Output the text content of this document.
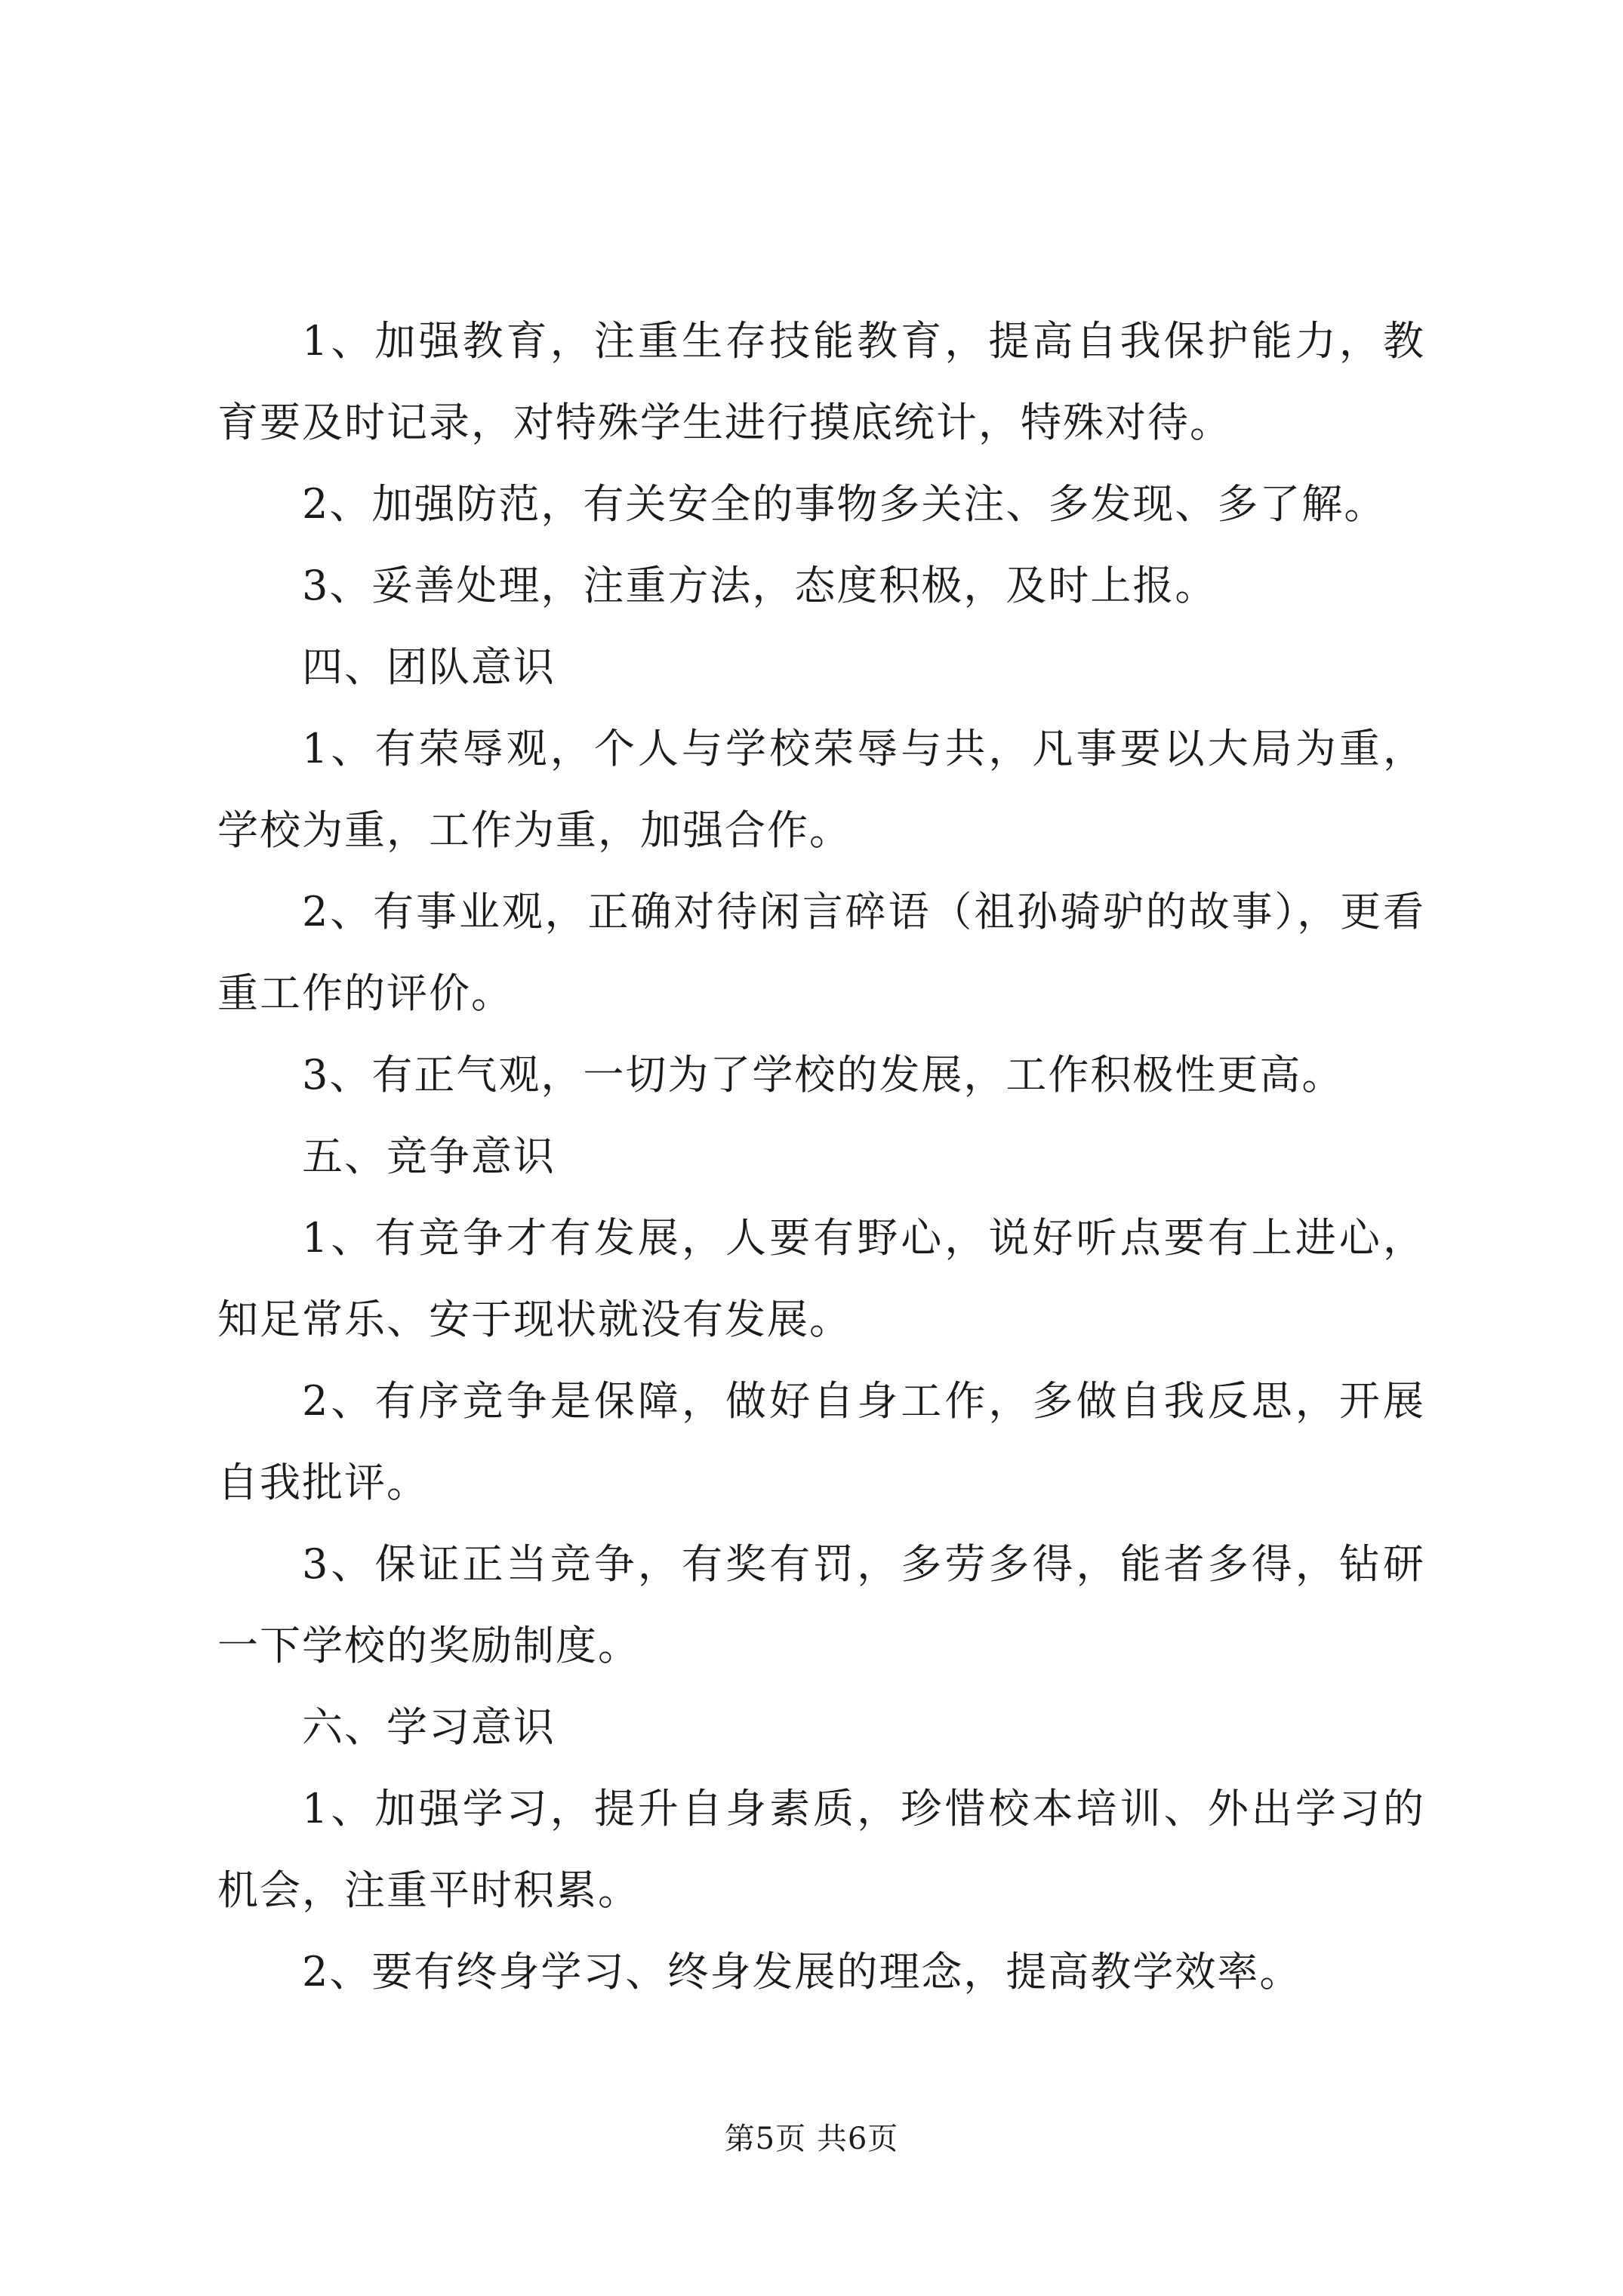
1、加强教育，注重生存技能教育，提高自我保护能力，教育要及时记录，对特殊学生进行摸底统计，特殊对待。

2、加强防范，有关安全的事物多关注、多发现、多了解。

3、妥善处理，注重方法，态度积极，及时上报。

四、团队意识

1、有荣辱观，个人与学校荣辱与共，凡事要以大局为重，学校为重，工作为重，加强合作。

2、有事业观，正确对待闲言碎语（祖孙骑驴的故事），更看重工作的评价。

3、有正气观，一切为了学校的发展，工作积极性更高。

五、竞争意识

1、有竞争才有发展，人要有野心，说好听点要有上进心，知足常乐、安于现状就没有发展。

2、有序竞争是保障，做好自身工作，多做自我反思，开展自我批评。

3、保证正当竞争，有奖有罚，多劳多得，能者多得，钻研一下学校的奖励制度。

六、学习意识

1、加强学习，提升自身素质，珍惜校本培训、外出学习的机会，注重平时积累。

2、要有终身学习、终身发展的理念，提高教学效率。

第5页 共6页
